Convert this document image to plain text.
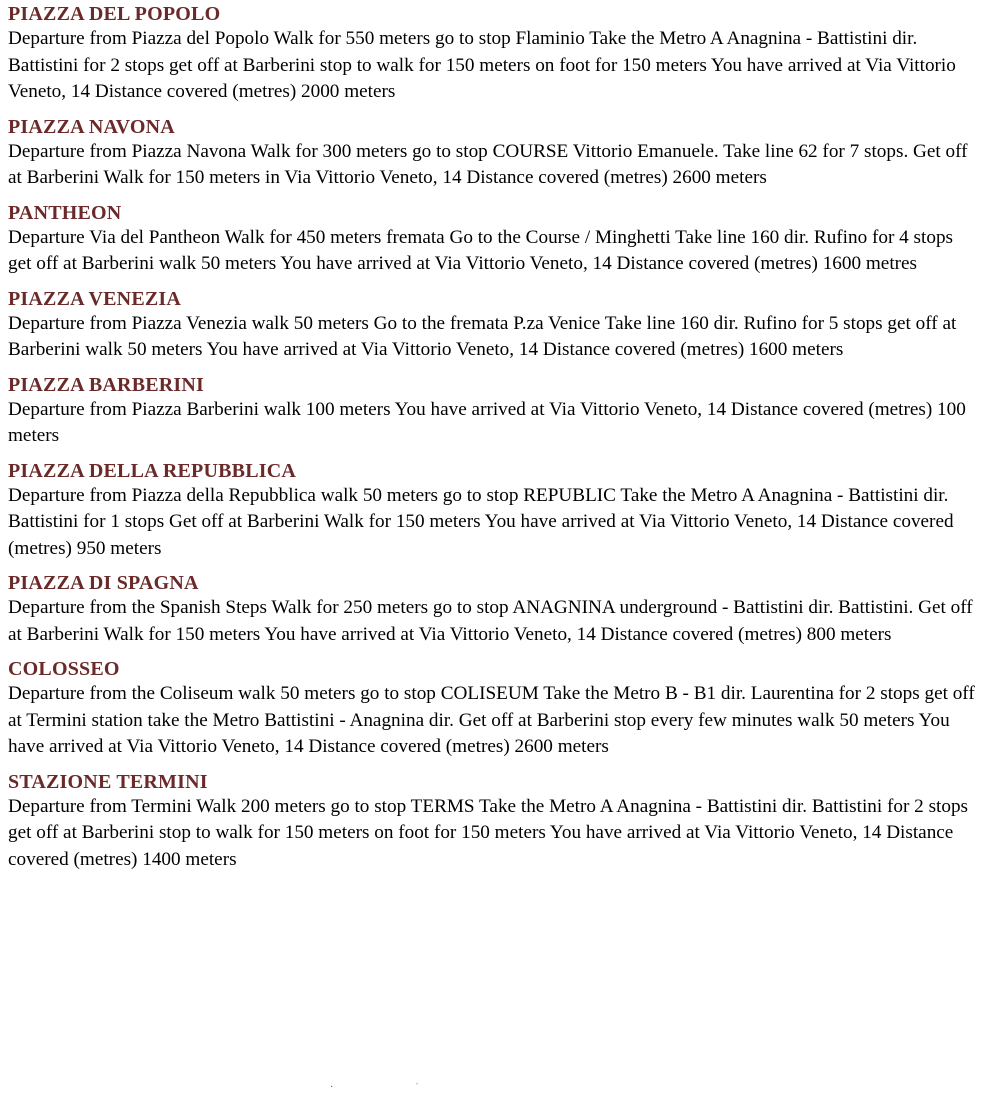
PIAZZA DEL POPOLO
Departure from Piazza del Popolo Walk for 550 meters go to stop Flaminio Take the Metro A Anagnina - Battistini dir. Battistini for 2 stops get off at Barberini stop to walk for 150 meters on foot for 150 meters You have arrived at Via Vittorio Veneto, 14 Distance covered (metres) 2000 meters
PIAZZA NAVONA
Departure from Piazza Navona Walk for 300 meters go to stop COURSE Vittorio Emanuele. Take line 62 for 7 stops. Get off at Barberini Walk for 150 meters in Via Vittorio Veneto, 14 Distance covered (metres) 2600 meters
PANTHEON
Departure Via del Pantheon Walk for 450 meters fremata Go to the Course / Minghetti Take line 160 dir. Rufino for 4 stops get off at Barberini walk 50 meters You have arrived at Via Vittorio Veneto, 14 Distance covered (metres) 1600 metres
PIAZZA VENEZIA
Departure from Piazza Venezia walk 50 meters Go to the fremata P.za Venice Take line 160 dir. Rufino for 5 stops get off at Barberini walk 50 meters You have arrived at Via Vittorio Veneto, 14 Distance covered (metres) 1600 meters
PIAZZA BARBERINI
Departure from Piazza Barberini walk 100 meters You have arrived at Via Vittorio Veneto, 14 Distance covered (metres) 100 meters
PIAZZA DELLA REPUBBLICA
Departure from Piazza della Repubblica walk 50 meters go to stop REPUBLIC Take the Metro A Anagnina - Battistini dir. Battistini for 1 stops Get off at Barberini Walk for 150 meters You have arrived at Via Vittorio Veneto, 14 Distance covered (metres) 950 meters
PIAZZA DI SPAGNA
Departure from the Spanish Steps Walk for 250 meters go to stop ANAGNINA underground - Battistini dir. Battistini. Get off at Barberini Walk for 150 meters You have arrived at Via Vittorio Veneto, 14 Distance covered (metres) 800 meters
COLOSSEO
Departure from the Coliseum walk 50 meters go to stop COLISEUM Take the Metro B - B1 dir. Laurentina for 2 stops get off at Termini station take the Metro Battistini - Anagnina dir. Get off at Barberini stop every few minutes walk 50 meters You have arrived at Via Vittorio Veneto, 14 Distance covered (metres) 2600 meters
STAZIONE TERMINI
Departure from Termini Walk 200 meters go to stop TERMS Take the Metro A Anagnina - Battistini dir. Battistini for 2 stops get off at Barberini stop to walk for 150 meters on foot for 150 meters You have arrived at Via Vittorio Veneto, 14 Distance covered (metres) 1400 meters
·	ˈ
